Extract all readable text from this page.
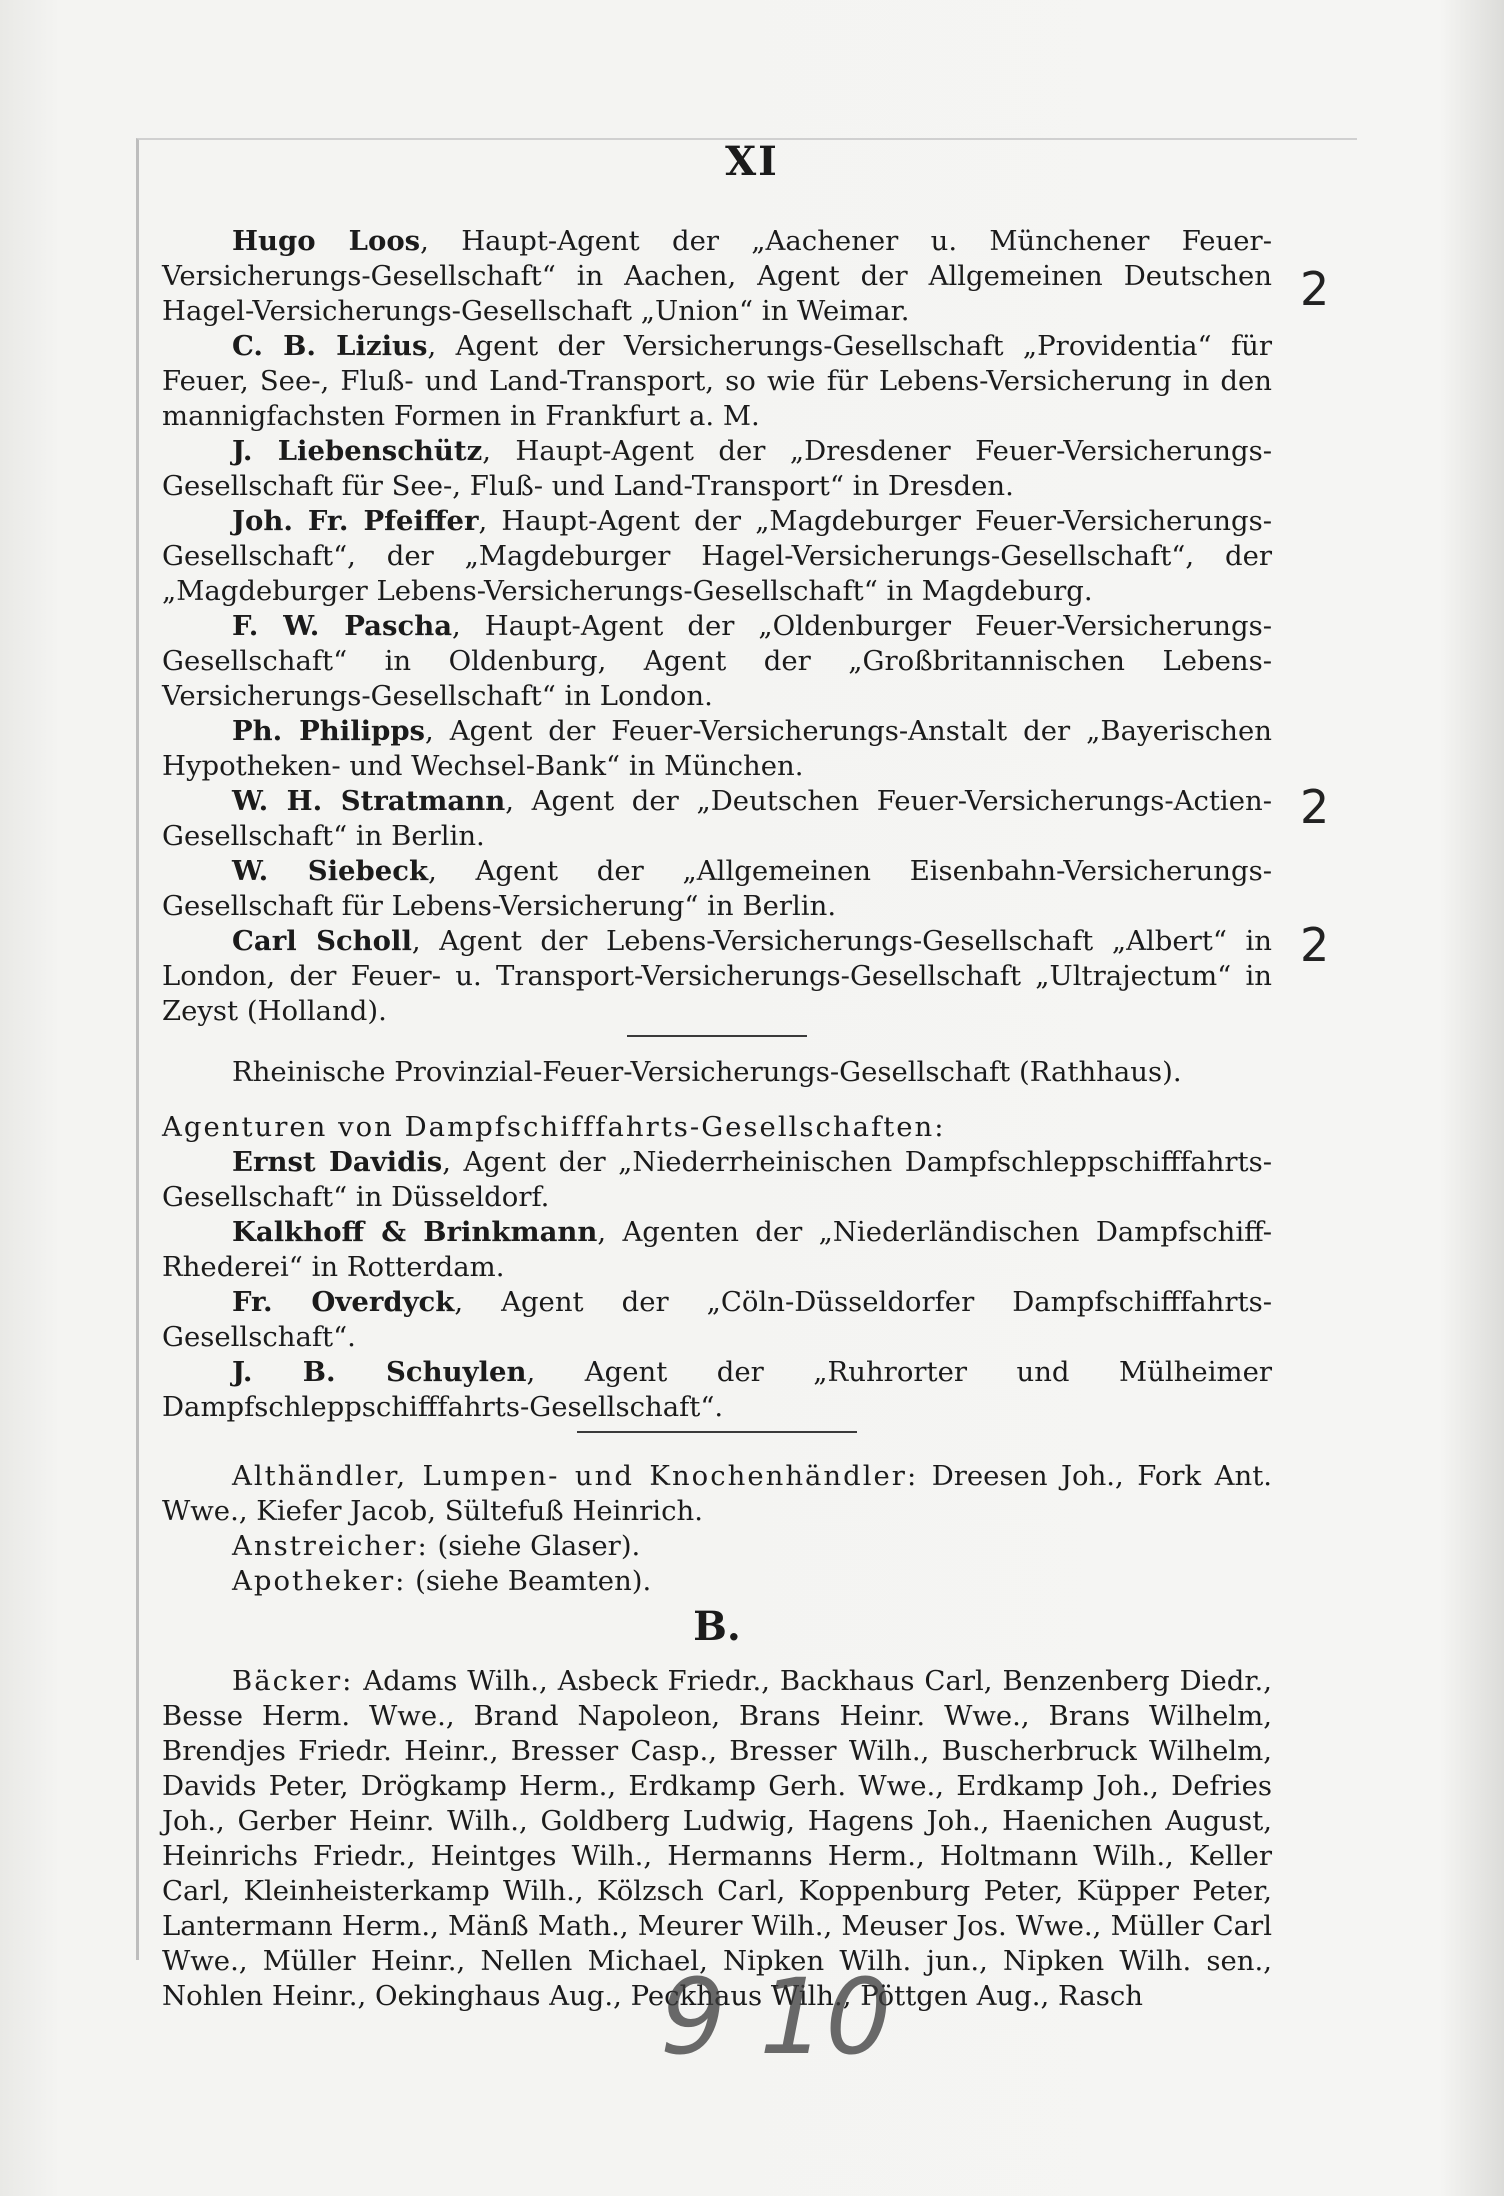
XI

Hugo Loos, Haupt-Agent der „Aachener u. Münchener Feuer-Versicherungs-Gesellschaft“ in Aachen, Agent der Allgemeinen Deutschen Hagel-Versicherungs-Gesellschaft „Union“ in Weimar.

C. B. Lizius, Agent der Versicherungs-Gesellschaft „Providentia“ für Feuer, See-, Fluß- und Land-Transport, so wie für Lebens-Versicherung in den mannigfachsten Formen in Frankfurt a. M.

J. Liebenschütz, Haupt-Agent der „Dresdener Feuer-Versicherungs-Gesellschaft für See-, Fluß- und Land-Transport“ in Dresden.

Joh. Fr. Pfeiffer, Haupt-Agent der „Magdeburger Feuer-Versicherungs-Gesellschaft“, der „Magdeburger Hagel-Versicherungs-Gesellschaft“, der „Magdeburger Lebens-Versicherungs-Gesellschaft“ in Magdeburg.

F. W. Pascha, Haupt-Agent der „Oldenburger Feuer-Versicherungs-Gesellschaft“ in Oldenburg, Agent der „Großbritannischen Lebens-Versicherungs-Gesellschaft“ in London.

Ph. Philipps, Agent der Feuer-Versicherungs-Anstalt der „Bayerischen Hypotheken- und Wechsel-Bank“ in München.

W. H. Stratmann, Agent der „Deutschen Feuer-Versicherungs-Actien-Gesellschaft“ in Berlin.

W. Siebeck, Agent der „Allgemeinen Eisenbahn-Versicherungs-Gesellschaft für Lebens-Versicherung“ in Berlin.

Carl Scholl, Agent der Lebens-Versicherungs-Gesellschaft „Albert“ in London, der Feuer- u. Transport-Versicherungs-Gesellschaft „Ultrajectum“ in Zeyst (Holland).

Rheinische Provinzial-Feuer-Versicherungs-Gesellschaft (Rathhaus).

Agenturen von Dampfschifffahrts-Gesellschaften:

Ernst Davidis, Agent der „Niederrheinischen Dampfschleppschifffahrts-Gesellschaft“ in Düsseldorf.

Kalkhoff & Brinkmann, Agenten der „Niederländischen Dampfschiff-Rhederei“ in Rotterdam.

Fr. Overdyck, Agent der „Cöln-Düsseldorfer Dampfschifffahrts-Gesellschaft“.

J. B. Schuylen, Agent der „Ruhrorter und Mülheimer Dampfschleppschifffahrts-Gesellschaft“.

Althändler, Lumpen- und Knochenhändler: Dreesen Joh., Fork Ant. Wwe., Kiefer Jacob, Sültefuß Heinrich.

Anstreicher: (siehe Glaser).

Apotheker: (siehe Beamten).

B.

Bäcker: Adams Wilh., Asbeck Friedr., Backhaus Carl, Benzenberg Diedr., Besse Herm. Wwe., Brand Napoleon, Brans Heinr. Wwe., Brans Wilhelm, Brendjes Friedr. Heinr., Bresser Casp., Bresser Wilh., Buscherbruck Wilhelm, Davids Peter, Drögkamp Herm., Erdkamp Gerh. Wwe., Erdkamp Joh., Defries Joh., Gerber Heinr. Wilh., Goldberg Ludwig, Hagens Joh., Haenichen August, Heinrichs Friedr., Heintges Wilh., Hermanns Herm., Holtmann Wilh., Keller Carl, Kleinheisterkamp Wilh., Kölzsch Carl, Koppenburg Peter, Küpper Peter, Lantermann Herm., Mänß Math., Meurer Wilh., Meuser Jos. Wwe., Müller Carl Wwe., Müller Heinr., Nellen Michael, Nipken Wilh. jun., Nipken Wilh. sen., Nohlen Heinr., Oekinghaus Aug., Peckhaus Wilh., Pöttgen Aug., Rasch

2
2
2
9 10
